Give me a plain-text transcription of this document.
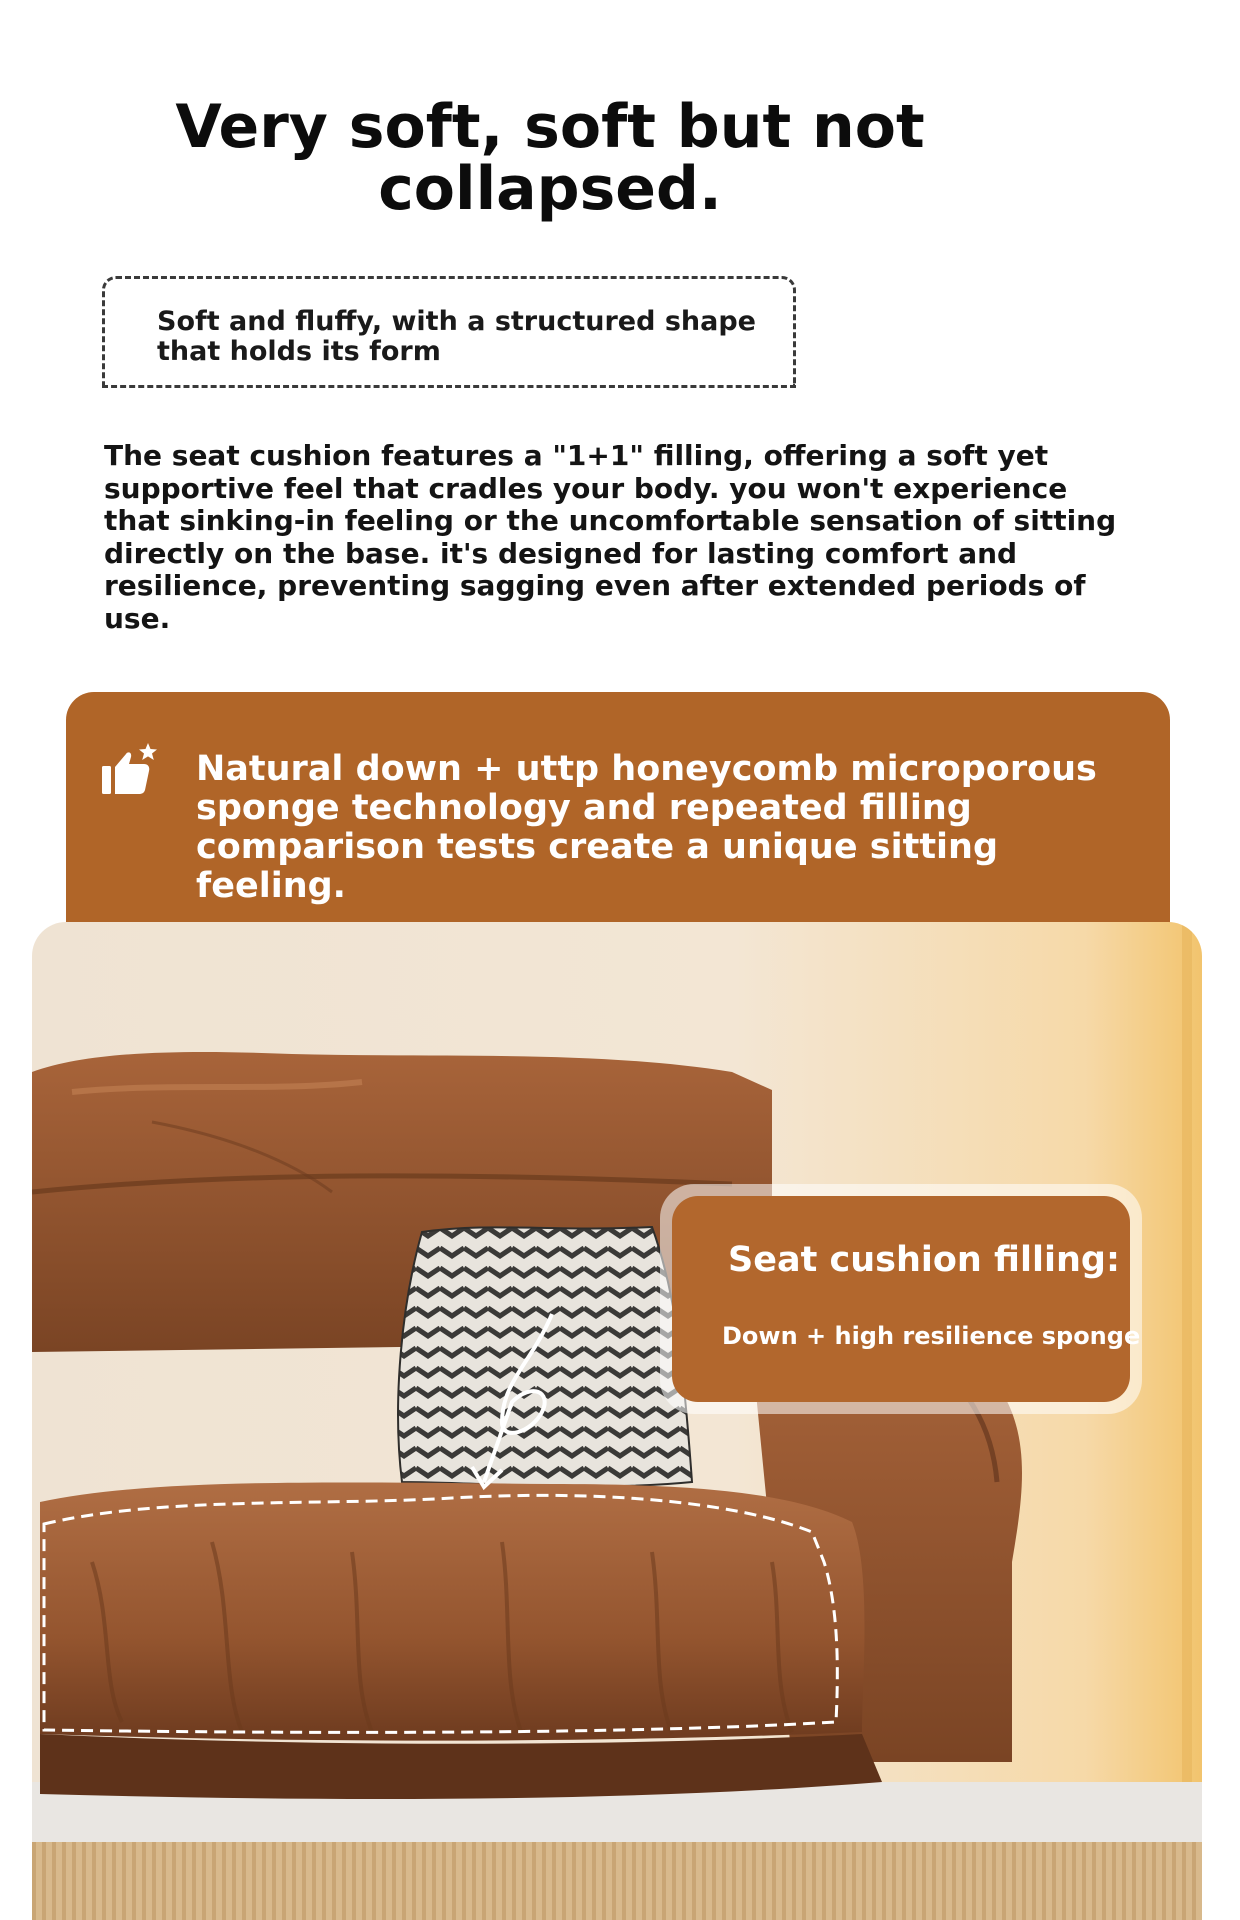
Very soft, soft but not collapsed.
Soft and fluffy, with a structured shape that holds its form

The seat cushion features a "1+1" filling, offering a soft yet supportive feel that cradles your body. you won't experience that sinking-in feeling or the uncomfortable sensation of sitting directly on the base. it's designed for lasting comfort and resilience, preventing sagging even after extended periods of use.

Natural down + uttp honeycomb microporous sponge technology and repeated filling comparison tests create a unique sitting feeling.
Seat cushion filling:
Down + high resilience sponge
